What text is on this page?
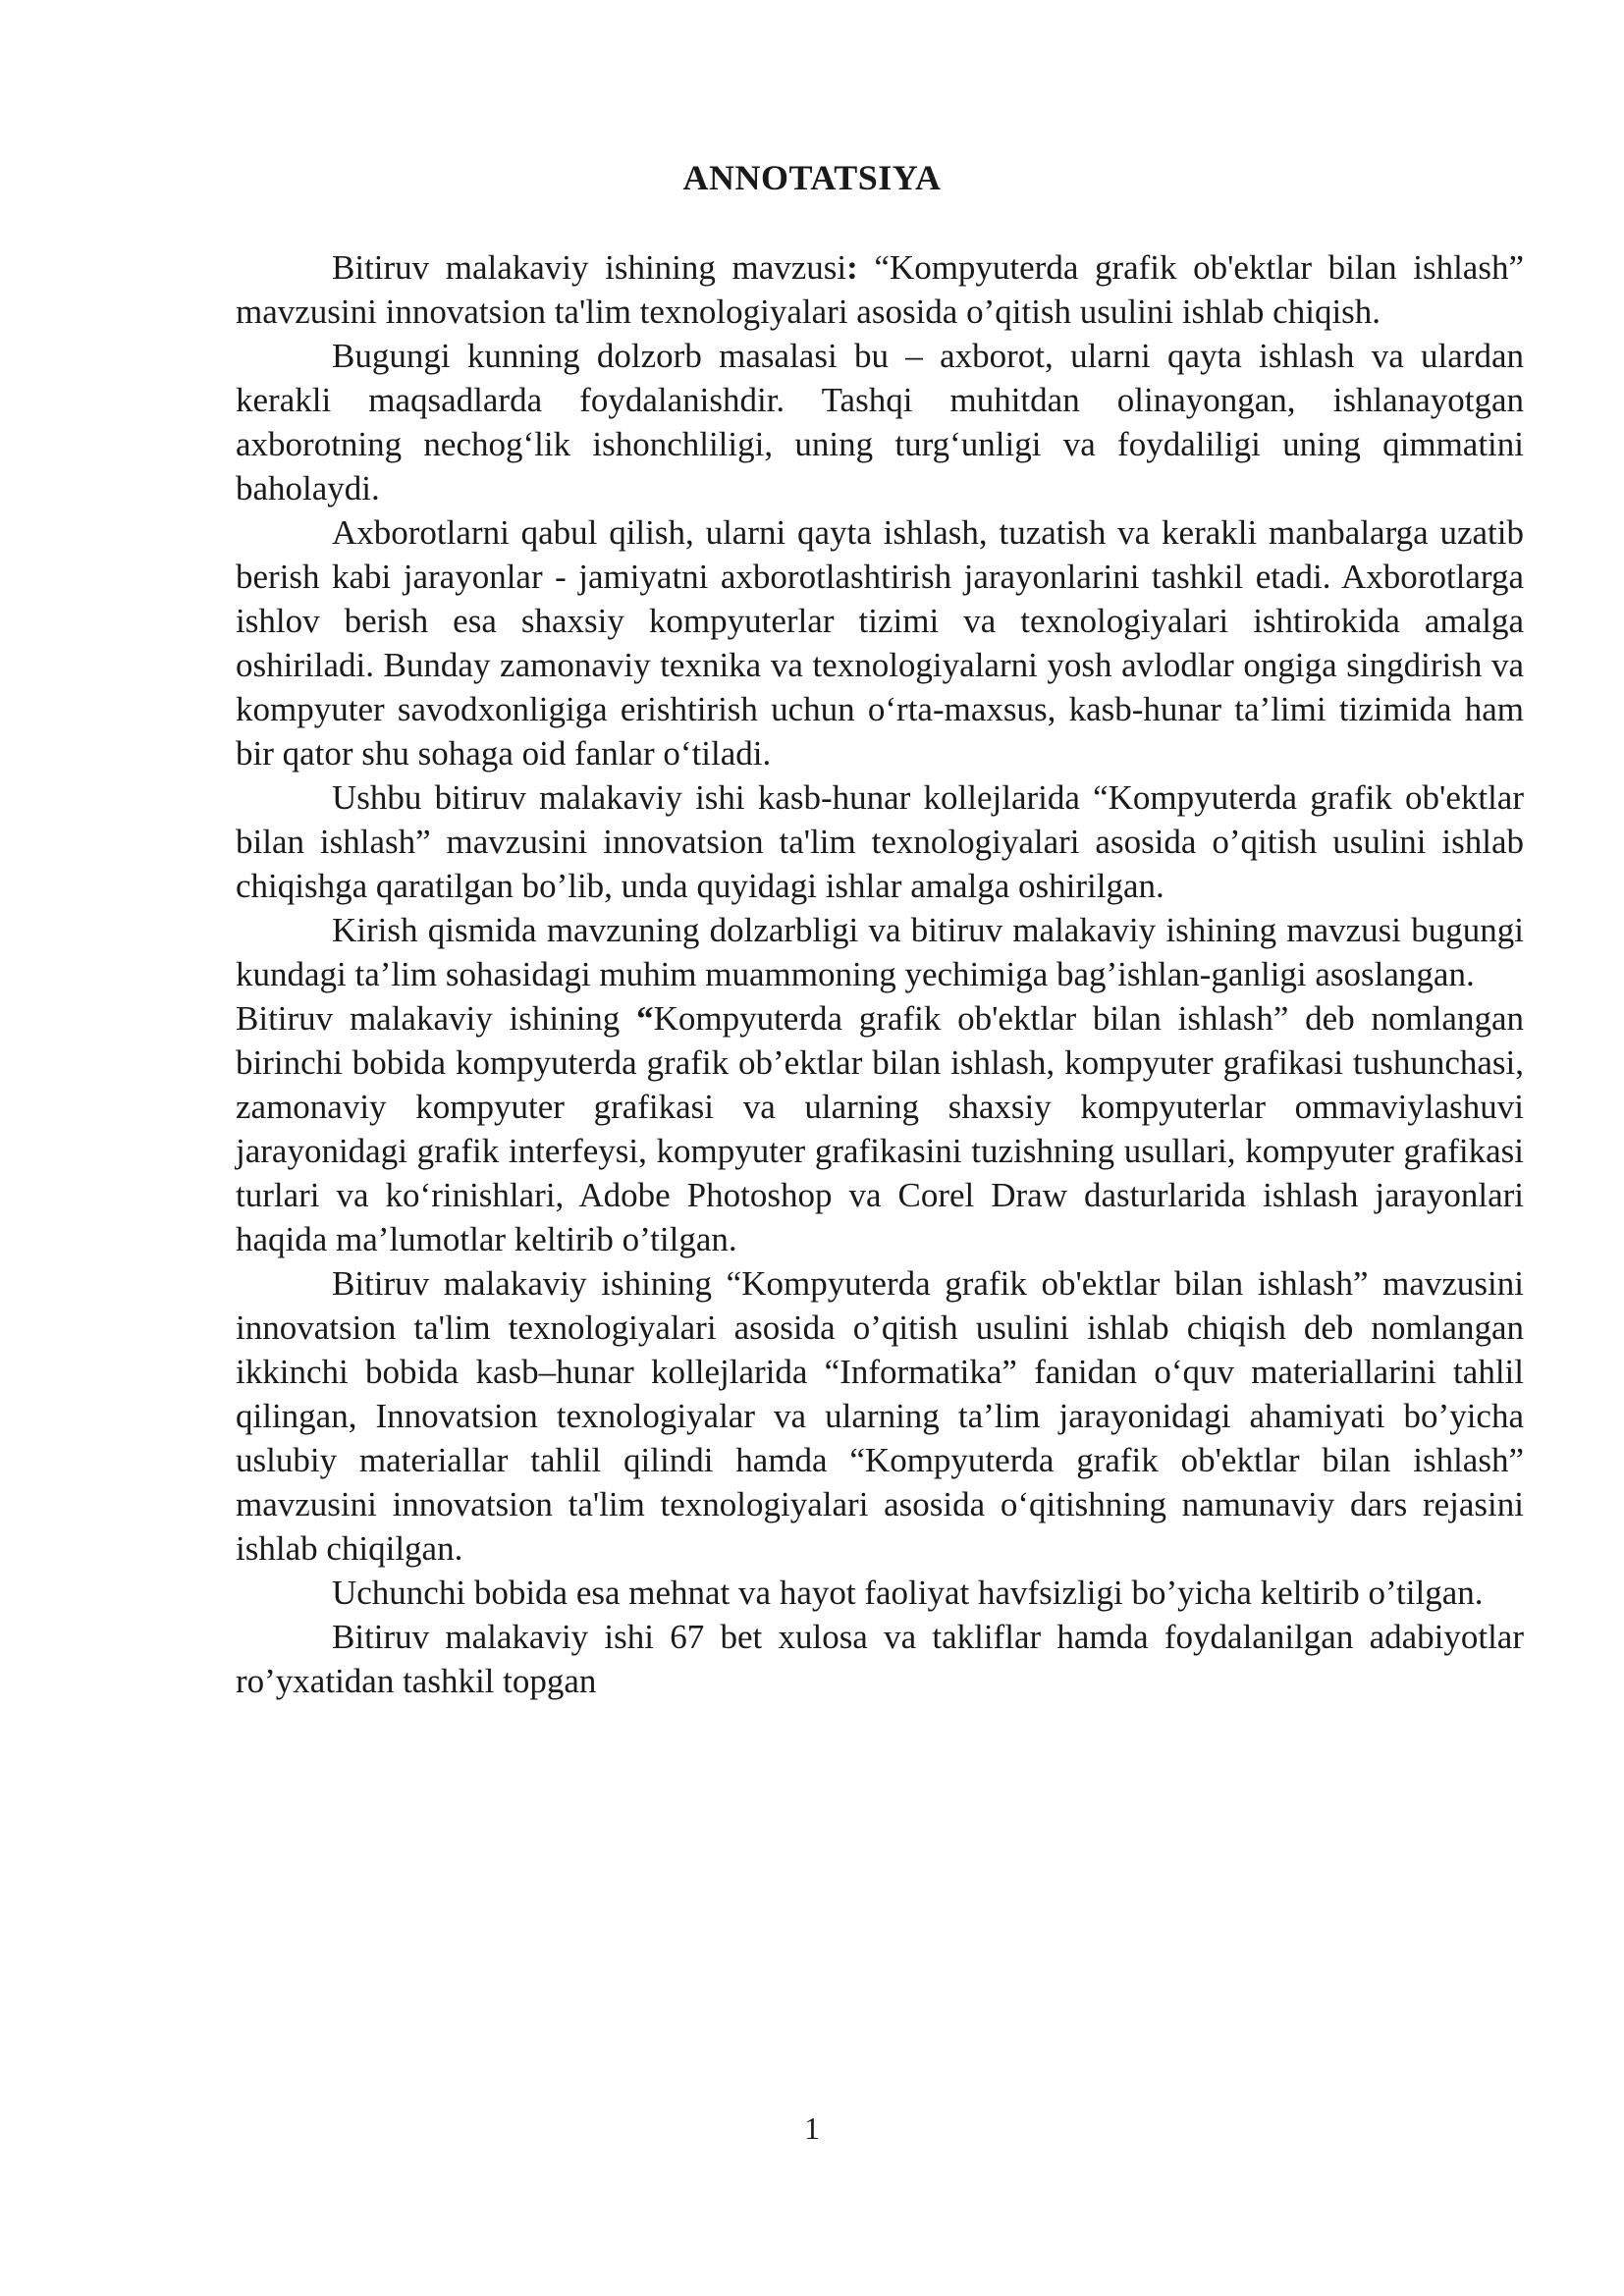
ANNOTATSIYA

Bitiruv malakaviy ishining mavzusi: “Kompyuterda grafik ob'ektlar bilan ishlash” mavzusini innovatsion ta'lim texnologiyalari asosida o’qitish usulini ishlab chiqish.

Bugungi kunning dolzorb masalasi bu – axborot, ularni qayta ishlash va ulardan kerakli maqsadlarda foydalanishdir. Tashqi muhitdan olinayongan, ishlanayotgan axborotning nechog‘lik ishonchliligi, uning turg‘unligi va foydaliligi uning qimmatini baholaydi.

Axborotlarni qabul qilish, ularni qayta ishlash, tuzatish va kerakli manbalarga uzatib berish kabi jarayonlar - jamiyatni axborotlashtirish jarayonlarini tashkil etadi. Axborotlarga ishlov berish esa shaxsiy kompyuterlar tizimi va texnologiyalari ishtirokida amalga oshiriladi. Bunday zamonaviy texnika va texnologiyalarni yosh avlodlar ongiga singdirish va kompyuter savodxonligiga erishtirish uchun o‘rta-maxsus, kasb-hunar ta’limi tizimida ham bir qator shu sohaga oid fanlar o‘tiladi.

Ushbu bitiruv malakaviy ishi kasb-hunar kollejlarida “Kompyuterda grafik ob'ektlar bilan ishlash” mavzusini innovatsion ta'lim texnologiyalari asosida o’qitish usulini ishlab chiqishga qaratilgan bo’lib, unda quyidagi ishlar amalga oshirilgan.

Kirish qismida mavzuning dolzarbligi va bitiruv malakaviy ishining mavzusi bugungi kundagi ta’lim sohasidagi muhim muammoning yechimiga bag’ishlan-ganligi asoslangan.

Bitiruv malakaviy ishining “Kompyuterda grafik ob'ektlar bilan ishlash” deb nomlangan birinchi bobida kompyuterda grafik ob’ektlar bilan ishlash, kompyuter grafikasi tushunchasi, zamonaviy kompyuter grafikasi va ularning shaxsiy kompyuterlar ommaviylashuvi jarayonidagi grafik interfeysi, kompyuter grafikasini tuzishning usullari, kompyuter grafikasi turlari va ko‘rinishlari, Adobe Photoshop va Corel Draw dasturlarida ishlash jarayonlari haqida ma’lumotlar keltirib o’tilgan.

Bitiruv malakaviy ishining “Kompyuterda grafik ob'ektlar bilan ishlash” mavzusini innovatsion ta'lim texnologiyalari asosida o’qitish usulini ishlab chiqish deb nomlangan ikkinchi bobida kasb–hunar kollejlarida “Informatika” fanidan o‘quv materiallarini tahlil qilingan, Innovatsion texnologiyalar va ularning ta’lim jarayonidagi ahamiyati bo’yicha uslubiy materiallar tahlil qilindi hamda “Kompyuterda grafik ob'ektlar bilan ishlash” mavzusini innovatsion ta'lim texnologiyalari asosida o‘qitishning namunaviy dars rejasini ishlab chiqilgan.

Uchunchi bobida esa mehnat va hayot faoliyat havfsizligi bo’yicha keltirib o’tilgan.

Bitiruv malakaviy ishi 67 bet xulosa va takliflar hamda foydalanilgan adabiyotlar ro’yxatidan tashkil topgan

1
